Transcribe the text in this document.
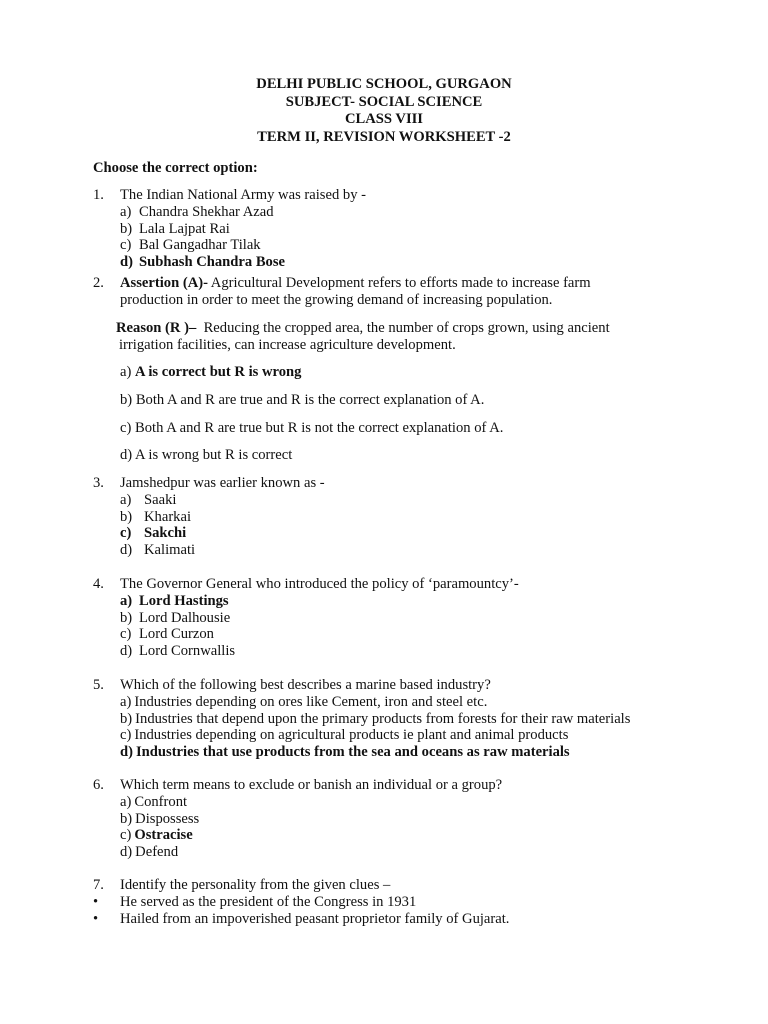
DELHI PUBLIC SCHOOL, GURGAON
SUBJECT- SOCIAL SCIENCE
CLASS VIII
TERM II, REVISION WORKSHEET -2
Choose the correct option:
1. The Indian National Army was raised by -
a) Chandra Shekhar Azad
b) Lala Lajpat Rai
c) Bal Gangadhar Tilak
d) Subhash Chandra Bose
2. Assertion (A)- Agricultural Development refers to efforts made to increase farm
production in order to meet the growing demand of increasing population.
Reason (R )–  Reducing the cropped area, the number of crops grown, using ancient
irrigation facilities, can increase agriculture development.
a) A is correct but R is wrong
b) Both A and R are true and R is the correct explanation of A.
c) Both A and R are true but R is not the correct explanation of A.
d) A is wrong but R is correct
3. Jamshedpur was earlier known as -
a) Saaki
b) Kharkai
c) Sakchi
d) Kalimati
4. The Governor General who introduced the policy of ‘paramountcy’-
a) Lord Hastings
b) Lord Dalhousie
c) Lord Curzon
d) Lord Cornwallis
5. Which of the following best describes a marine based industry?
a) Industries depending on ores like Cement, iron and steel etc.
b) Industries that depend upon the primary products from forests for their raw materials
c) Industries depending on agricultural products ie plant and animal products
d) Industries that use products from the sea and oceans as raw materials
6. Which term means to exclude or banish an individual or a group?
a) Confront
b) Dispossess
c) Ostracise
d) Defend
7. Identify the personality from the given clues –
• He served as the president of the Congress in 1931
• Hailed from an impoverished peasant proprietor family of Gujarat.
